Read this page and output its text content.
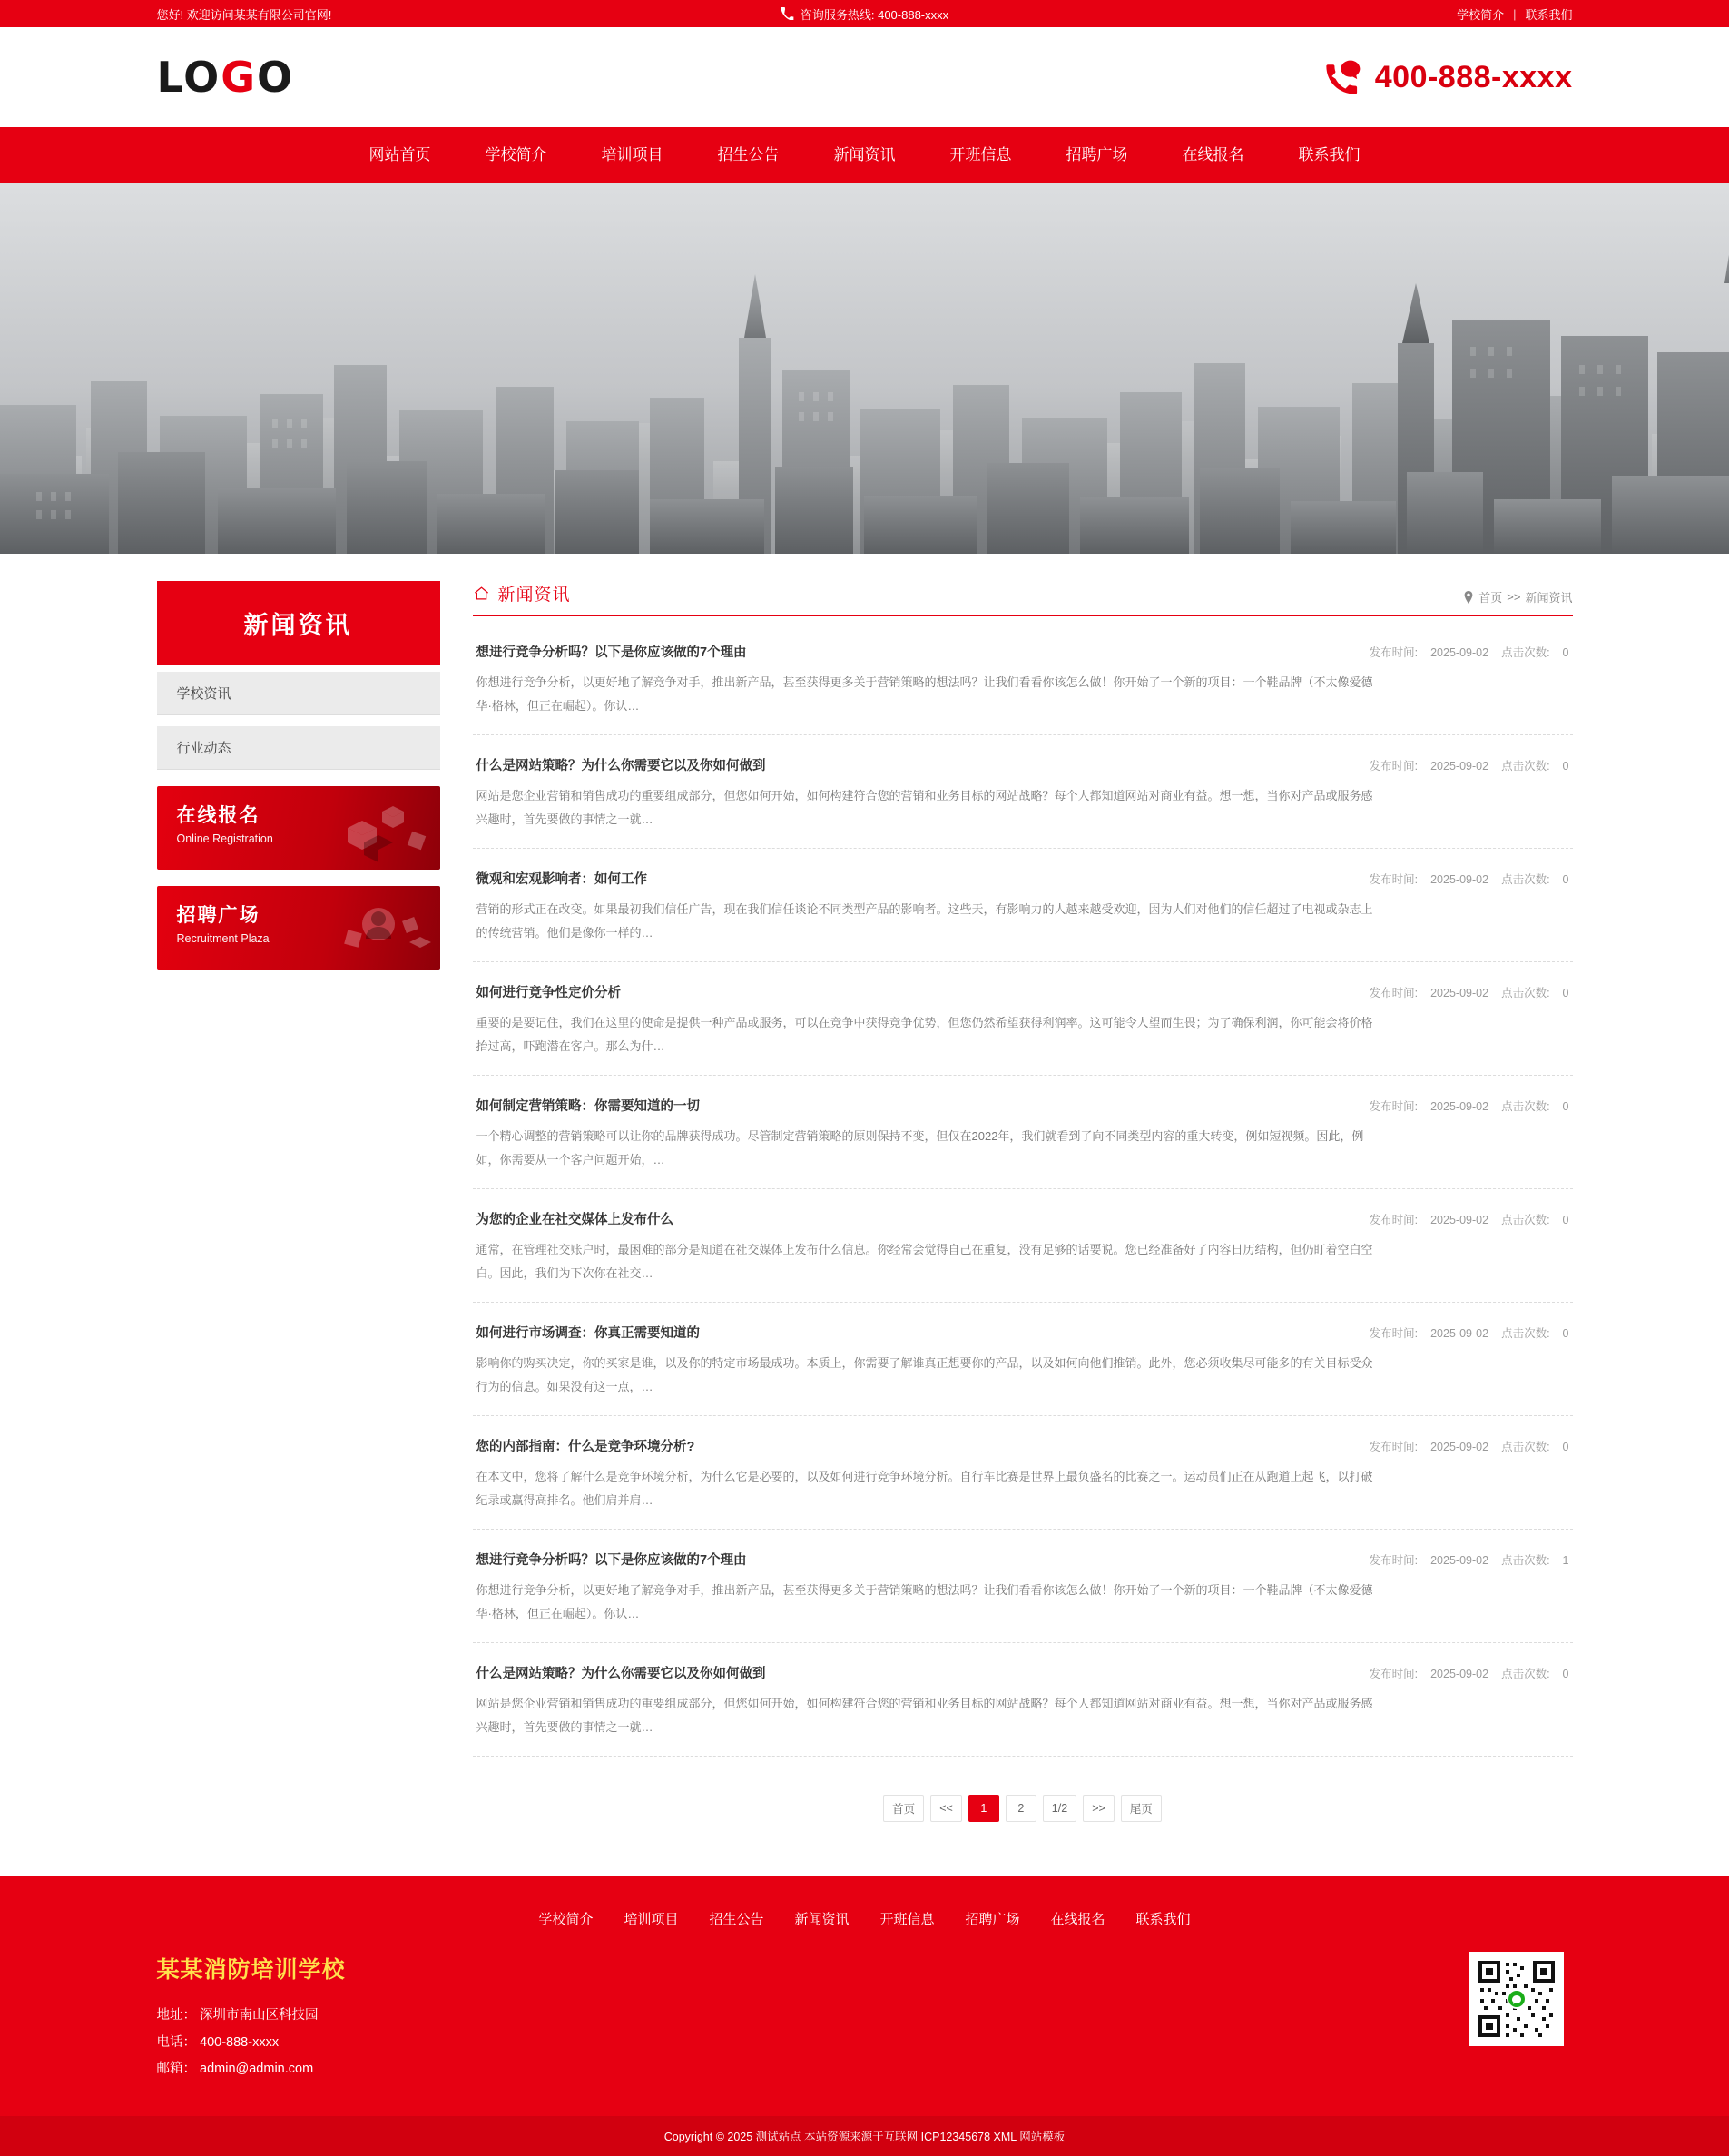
您好! 欢迎访问某某有限公司官网!	咨询服务热线: 400-888-xxxx	学校简介 | 联系我们
LOGO	400-888-xxxx
网站首页	学校简介	培训项目	招生公告	新闻资讯	开班信息	招聘广场	在线报名	联系我们
新闻资讯
学校资讯
行业动态
在线报名
Online Registration
招聘广场
Recruitment Plaza
新闻资讯	首页 >> 新闻资讯
想进行竞争分析吗？以下是你应该做的7个理由	发布时间: 2025-09-02 点击次数: 0
你想进行竞争分析，以更好地了解竞争对手，推出新产品，甚至获得更多关于营销策略的想法吗？让我们看看你该怎么做！你开始了一个新的项目：一个鞋品牌（不太像爱德华·格林，但正在崛起）。你认…
什么是网站策略？为什么你需要它以及你如何做到	发布时间: 2025-09-02 点击次数: 0
网站是您企业营销和销售成功的重要组成部分，但您如何开始，如何构建符合您的营销和业务目标的网站战略？每个人都知道网站对商业有益。想一想，当你对产品或服务感兴趣时，首先要做的事情之一就…
微观和宏观影响者：如何工作	发布时间: 2025-09-02 点击次数: 0
营销的形式正在改变。如果最初我们信任广告，现在我们信任谈论不同类型产品的影响者。这些天，有影响力的人越来越受欢迎，因为人们对他们的信任超过了电视或杂志上的传统营销。他们是像你一样的…
如何进行竞争性定价分析	发布时间: 2025-09-02 点击次数: 0
重要的是要记住，我们在这里的使命是提供一种产品或服务，可以在竞争中获得竞争优势，但您仍然希望获得利润率。这可能令人望而生畏；为了确保利润，你可能会将价格抬过高，吓跑潜在客户。那么为什…
如何制定营销策略：你需要知道的一切	发布时间: 2025-09-02 点击次数: 0
一个精心调整的营销策略可以让你的品牌获得成功。尽管制定营销策略的原则保持不变，但仅在2022年，我们就看到了向不同类型内容的重大转变，例如短视频。因此，例如，你需要从一个客户问题开始，…
为您的企业在社交媒体上发布什么	发布时间: 2025-09-02 点击次数: 0
通常，在管理社交账户时，最困难的部分是知道在社交媒体上发布什么信息。你经常会觉得自己在重复，没有足够的话要说。您已经准备好了内容日历结构，但仍盯着空白空白。因此，我们为下次你在社交…
如何进行市场调查：你真正需要知道的	发布时间: 2025-09-02 点击次数: 0
影响你的购买决定，你的买家是谁，以及你的特定市场最成功。本质上，你需要了解谁真正想要你的产品，以及如何向他们推销。此外，您必须收集尽可能多的有关目标受众行为的信息。如果没有这一点，…
您的内部指南：什么是竞争环境分析?	发布时间: 2025-09-02 点击次数: 0
在本文中，您将了解什么是竞争环境分析，为什么它是必要的，以及如何进行竞争环境分析。自行车比赛是世界上最负盛名的比赛之一。运动员们正在从跑道上起飞，以打破纪录或赢得高排名。他们肩并肩…
想进行竞争分析吗？以下是你应该做的7个理由	发布时间: 2025-09-02 点击次数: 1
你想进行竞争分析，以更好地了解竞争对手，推出新产品，甚至获得更多关于营销策略的想法吗？让我们看看你该怎么做！你开始了一个新的项目：一个鞋品牌（不太像爱德华·格林，但正在崛起）。你认…
什么是网站策略？为什么你需要它以及你如何做到	发布时间: 2025-09-02 点击次数: 0
网站是您企业营销和销售成功的重要组成部分，但您如何开始，如何构建符合您的营销和业务目标的网站战略？每个人都知道网站对商业有益。想一想，当你对产品或服务感兴趣时，首先要做的事情之一就…
首页	<<	1	2	1/2	>>	尾页
学校简介 培训项目 招生公告 新闻资讯 开班信息 招聘广场 在线报名 联系我们
某某消防培训学校
地址： 深圳市南山区科技园
电话： 400-888-xxxx
邮箱： admin@admin.com
Copyright © 2025 测试站点 本站资源来源于互联网 ICP12345678 XML 网站模板
